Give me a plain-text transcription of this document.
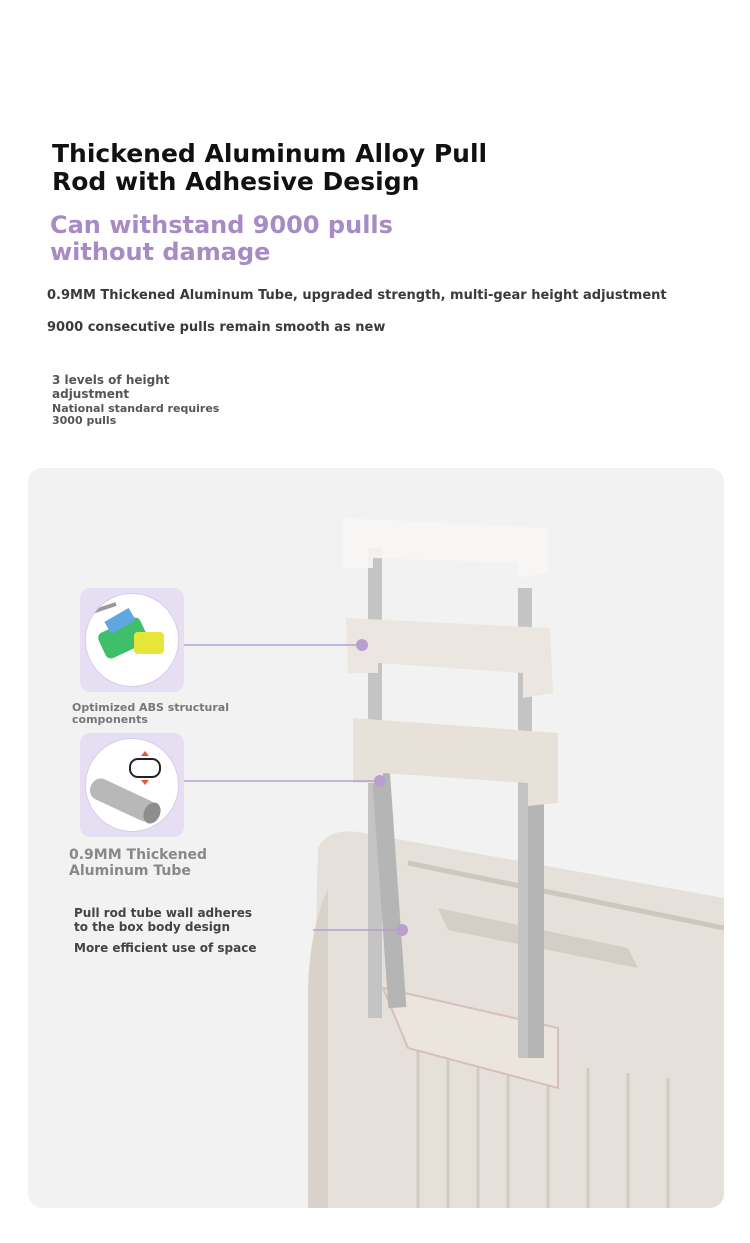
Thickened Aluminum Alloy Pull
Rod with Adhesive Design
Can withstand 9000 pulls
without damage
0.9MM Thickened Aluminum Tube, upgraded strength, multi-gear height adjustment
9000 consecutive pulls remain smooth as new
3 levels of height
adjustment
National standard requires
3000 pulls
Optimized ABS structural
components
0.9MM Thickened
Aluminum Tube
Pull rod tube wall adheres
to the box body design
More efficient use of space
